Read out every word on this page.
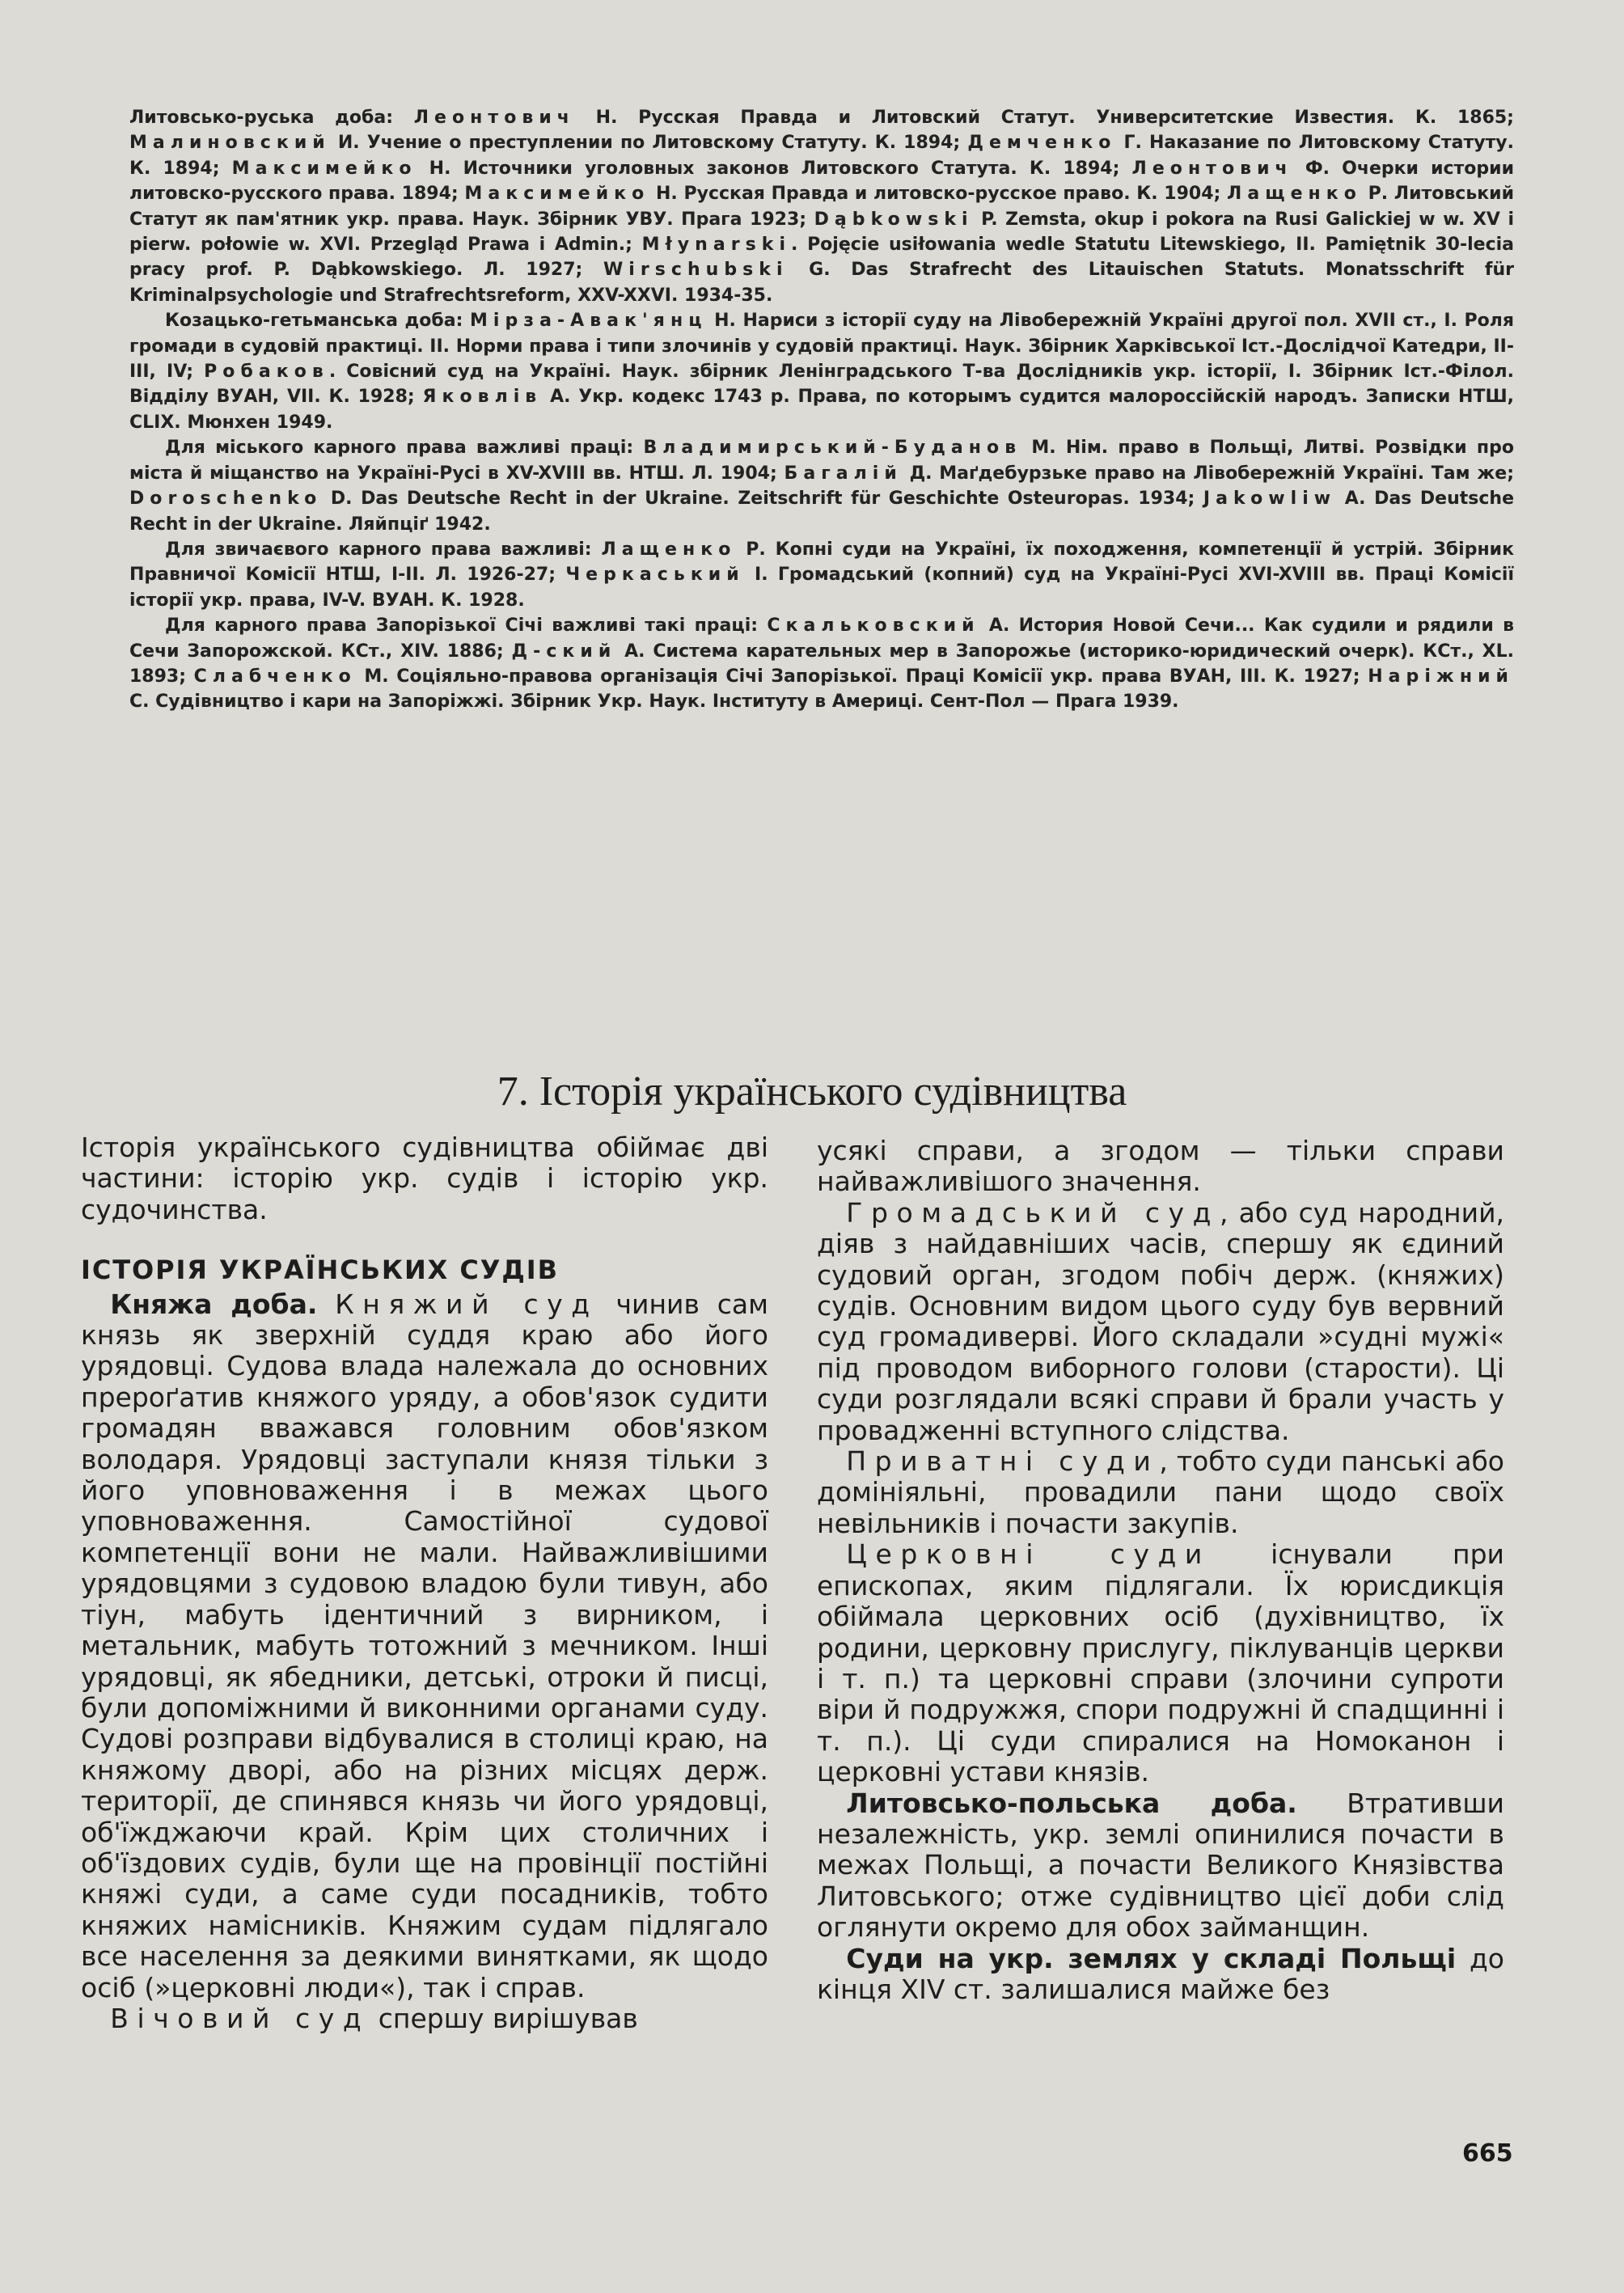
Литовсько-руська доба: Леонтович Н. Русская Правда и Литовский Статут. Университетские Известия. К. 1865; Малиновский И. Учение о преступлении по Литовскому Статуту. К. 1894; Демченко Г. Наказание по Литовскому Статуту. К. 1894; Максимейко Н. Источники уголовных законов Литовского Статута. К. 1894; Леонтович Ф. Очерки истории литовско-русского права. 1894; Максимейко Н. Русская Правда и литовско-русское право. К. 1904; Лащенко Р. Литовський Статут як пам'ятник укр. права. Наук. Збірник УВУ. Прага 1923; Dąbkowski P. Zemsta, okup i pokora na Rusi Galickiej w w. XV i pierw. połowie w. XVI. Przegląd Prawa i Admin.; Młynarski. Pojęcie usiłowania wedle Statutu Litewskiego, II. Pamiętnik 30-lecia pracy prof. P. Dąbkowskiego. Л. 1927; Wirschubski G. Das Strafrecht des Litauischen Statuts. Monatsschrift für Kriminalpsychologie und Strafrechtsreform, XXV-XXVI. 1934-35.

Козацько-гетьманська доба: Мірза-Авак'янц Н. Нариси з історії суду на Лівобережній Україні другої пол. XVII ст., I. Роля громади в судовій практиці. II. Норми права і типи злочинів у судовій практиці. Наук. Збірник Харківської Іст.-Дослідчої Катедри, II-III, IV; Робаков. Совісний суд на Україні. Наук. збірник Ленінградського Т-ва Дослідників укр. історії, I. Збірник Іст.-Філол. Відділу ВУАН, VII. К. 1928; Яковлів А. Укр. кодекс 1743 р. Права, по которымъ судится малороссійскій народъ. Записки НТШ, CLIX. Мюнхен 1949.

Для міського карного права важливі праці: Владимирський-Буданов М. Нім. право в Польщі, Литві. Розвідки про міста й міщанство на Україні-Русі в XV-XVIII вв. НТШ. Л. 1904; Багалій Д. Маґдебурзьке право на Лівобережній Україні. Там же; Doroschenko D. Das Deutsche Recht in der Ukraine. Zeitschrift für Geschichte Osteuropas. 1934; Jakowliw A. Das Deutsche Recht in der Ukraine. Ляйпціґ 1942.

Для звичаєвого карного права важливі: Лащенко Р. Копні суди на Україні, їх походження, компетенції й устрій. Збірник Правничої Комісії НТШ, I-II. Л. 1926-27; Черкаський І. Громадський (копний) суд на Україні-Русі XVI-XVIII вв. Праці Комісії історії укр. права, IV-V. ВУАН. К. 1928.

Для карного права Запорізької Січі важливі такі праці: Скальковский А. История Новой Сечи... Как судили и рядили в Сечи Запорожской. КСт., XIV. 1886; Д-ский А. Система карательных мер в Запорожье (историко-юридический очерк). КСт., XL. 1893; Слабченко М. Соціяльно-правова організація Січі Запорізької. Праці Комісії укр. права ВУАН, III. К. 1927; Наріжний С. Судівництво і кари на Запоріжжі. Збірник Укр. Наук. Інституту в Америці. Сент-Пол — Прага 1939.

7. Історія українського судівництва

Історія українського судівництва обіймає дві частини: історію укр. судів і історію укр. судочинства.

ІСТОРІЯ УКРАЇНСЬКИХ СУДІВ

Княжа доба. Княжий суд чинив сам князь як зверхній суддя краю або його урядовці. Судова влада належала до основних прероґатив княжого уряду, а обов'язок судити громадян вважався головним обов'язком володаря. Урядовці заступали князя тільки з його уповноваження і в межах цього уповноваження. Самостійної судової компетенції вони не мали. Найважливішими урядовцями з судовою владою були тивун, або тіун, мабуть ідентичний з вирником, і метальник, мабуть тотожний з мечником. Інші урядовці, як ябедники, детські, отроки й писці, були допоміжними й виконними органами суду. Судові розправи відбувалися в столиці краю, на княжому дворі, або на різних місцях держ. території, де спинявся князь чи його урядовці, об'їжджаючи край. Крім цих столичних і об'їздових судів, були ще на провінції постійні княжі суди, а саме суди посадників, тобто княжих намісників. Княжим судам підлягало все населення за деякими винятками, як щодо осіб (»церковні люди«), так і справ.

Вічовий суд спершу вирішував

усякі справи, а згодом — тільки справи найважливішого значення.

Громадський суд, або суд народний, діяв з найдавніших часів, спершу як єдиний судовий орган, згодом побіч держ. (княжих) судів. Основним видом цього суду був вервний суд громадиверві. Його складали »судні мужі« під проводом виборного голови (старости). Ці суди розглядали всякі справи й брали участь у провадженні вступного слідства.

Приватні суди, тобто суди панські або домініяльні, провадили пани щодо своїх невільників і почасти закупів.

Церковні суди існували при епископах, яким підлягали. Їх юрисдикція обіймала церковних осіб (духівництво, їх родини, церковну прислугу, піклуванців церкви і т. п.) та церковні справи (злочини супроти віри й подружжя, спори подружні й спадщинні і т. п.). Ці суди спиралися на Номоканон і церковні устави князів.

Литовсько-польська доба. Втративши незалежність, укр. землі опинилися почасти в межах Польщі, а почасти Великого Князівства Литовського; отже судівництво цієї доби слід оглянути окремо для обох займанщин.

Суди на укр. землях у складі Польщі до кінця XIV ст. залишалися майже без

665
